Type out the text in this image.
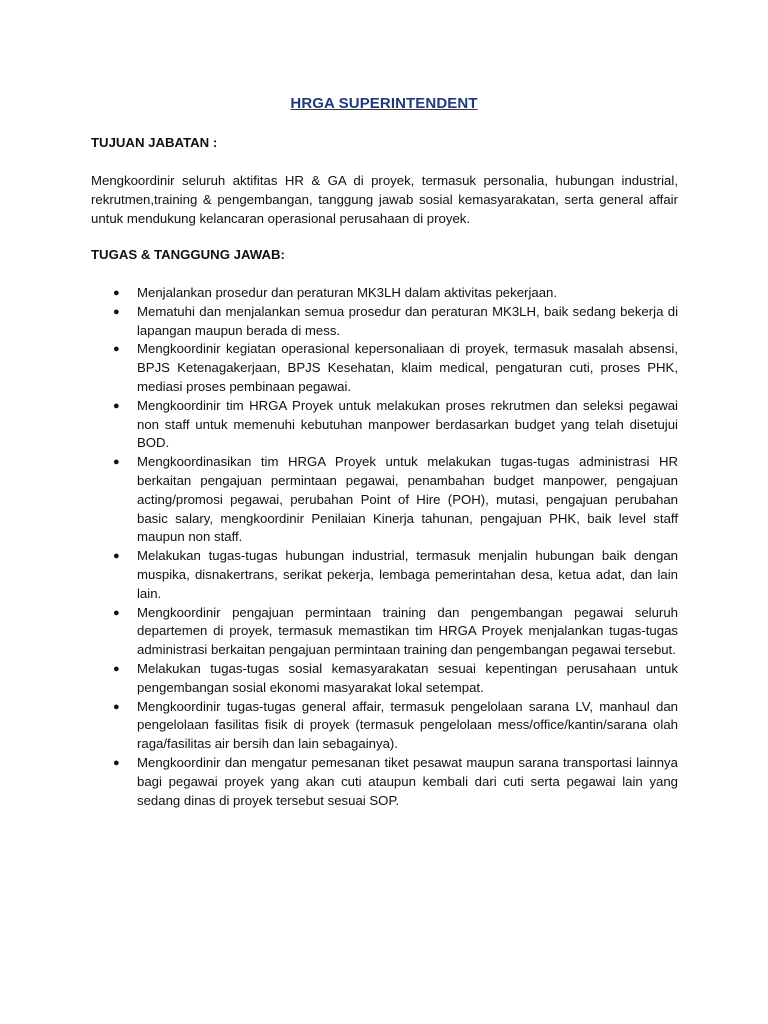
HRGA SUPERINTENDENT
TUJUAN JABATAN :
Mengkoordinir seluruh aktifitas HR & GA di proyek, termasuk personalia, hubungan industrial, rekrutmen,training & pengembangan, tanggung jawab sosial kemasyarakatan, serta general affair untuk mendukung kelancaran operasional perusahaan di proyek.
TUGAS & TANGGUNG JAWAB:
● Menjalankan prosedur dan peraturan MK3LH dalam aktivitas pekerjaan.
● Mematuhi dan menjalankan semua prosedur dan peraturan MK3LH, baik sedang bekerja di lapangan maupun berada di mess.
● Mengkoordinir kegiatan operasional kepersonaliaan di proyek, termasuk masalah absensi, BPJS Ketenagakerjaan, BPJS Kesehatan, klaim medical, pengaturan cuti, proses PHK, mediasi proses pembinaan pegawai.
● Mengkoordinir tim HRGA Proyek untuk melakukan proses rekrutmen dan seleksi pegawai non staff untuk memenuhi kebutuhan manpower berdasarkan budget yang telah disetujui BOD.
● Mengkoordinasikan tim HRGA Proyek untuk melakukan tugas-tugas administrasi HR berkaitan pengajuan permintaan pegawai, penambahan budget manpower, pengajuan acting/promosi pegawai, perubahan Point of Hire (POH), mutasi, pengajuan perubahan basic salary, mengkoordinir Penilaian Kinerja tahunan, pengajuan PHK, baik level staff maupun non staff.
● Melakukan tugas-tugas hubungan industrial, termasuk menjalin hubungan baik dengan muspika, disnakertrans, serikat pekerja, lembaga pemerintahan desa, ketua adat, dan lain lain.
● Mengkoordinir pengajuan permintaan training dan pengembangan pegawai seluruh departemen di proyek, termasuk memastikan tim HRGA Proyek menjalankan tugas-tugas administrasi berkaitan pengajuan permintaan training dan pengembangan pegawai tersebut.
● Melakukan tugas-tugas sosial kemasyarakatan sesuai kepentingan perusahaan untuk pengembangan sosial ekonomi masyarakat lokal setempat.
● Mengkoordinir tugas-tugas general affair, termasuk pengelolaan sarana LV, manhaul dan pengelolaan fasilitas fisik di proyek (termasuk pengelolaan mess/office/kantin/sarana olah raga/fasilitas air bersih dan lain sebagainya).
● Mengkoordinir dan mengatur pemesanan tiket pesawat maupun sarana transportasi lainnya bagi pegawai proyek yang akan cuti ataupun kembali dari cuti serta pegawai lain yang sedang dinas di proyek tersebut sesuai SOP.
